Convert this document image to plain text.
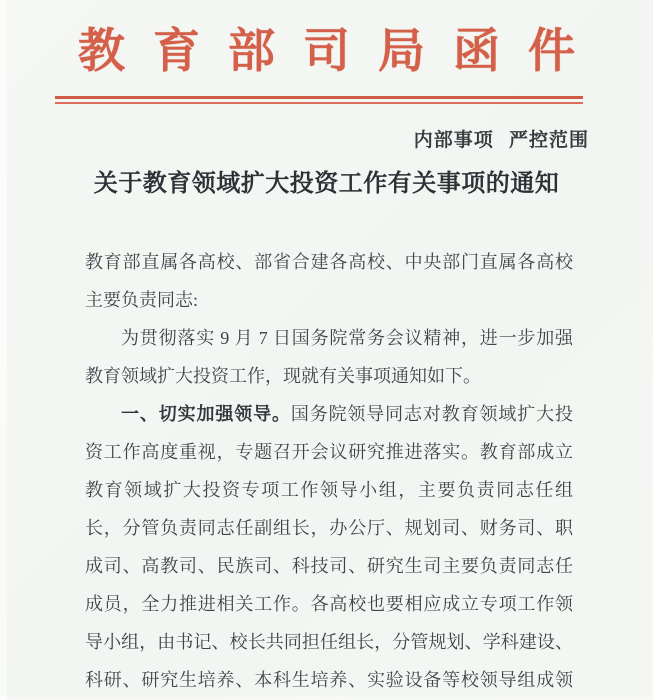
教育部司局函件
内部事项  严控范围
关于教育领域扩大投资工作有关事项的通知
教育部直属各高校、部省合建各高校、中央部门直属各高校
主要负责同志:
为贯彻落实 9 月 7 日国务院常务会议精神，进一步加强
教育领域扩大投资工作，现就有关事项通知如下。
一、切实加强领导。国务院领导同志对教育领域扩大投
资工作高度重视，专题召开会议研究推进落实。教育部成立
教育领域扩大投资专项工作领导小组，主要负责同志任组
长，分管负责同志任副组长，办公厅、规划司、财务司、职
成司、高教司、民族司、科技司、研究生司主要负责同志任
成员，全力推进相关工作。各高校也要相应成立专项工作领
导小组，由书记、校长共同担任组长，分管规划、学科建设、
科研、研究生培养、本科生培养、实验设备等校领导组成领
